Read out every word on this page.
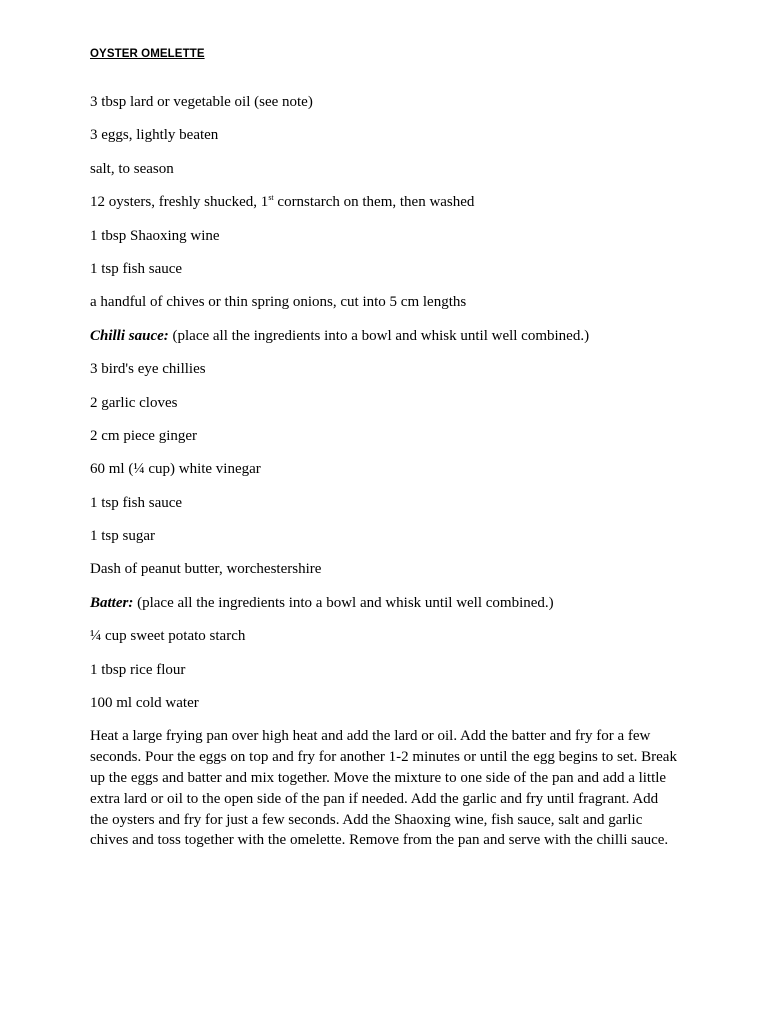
OYSTER OMELETTE

3 tbsp lard or vegetable oil (see note)

3 eggs, lightly beaten

salt, to season

12 oysters, freshly shucked, 1st cornstarch on them, then washed

1 tbsp Shaoxing wine

1 tsp fish sauce

a handful of chives or thin spring onions, cut into 5 cm lengths

Chilli sauce: (place all the ingredients into a bowl and whisk until well combined.)

3 bird's eye chillies

2 garlic cloves

2 cm piece ginger

60 ml (¼ cup) white vinegar

1 tsp fish sauce

1 tsp sugar

Dash of peanut butter, worchestershire

Batter: (place all the ingredients into a bowl and whisk until well combined.)

¼ cup sweet potato starch

1 tbsp rice flour

100 ml cold water

Heat a large frying pan over high heat and add the lard or oil. Add the batter and fry for a few seconds. Pour the eggs on top and fry for another 1-2 minutes or until the egg begins to set. Break up the eggs and batter and mix together. Move the mixture to one side of the pan and add a little extra lard or oil to the open side of the pan if needed. Add the garlic and fry until fragrant. Add the oysters and fry for just a few seconds. Add the Shaoxing wine, fish sauce, salt and garlic chives and toss together with the omelette. Remove from the pan and serve with the chilli sauce.
